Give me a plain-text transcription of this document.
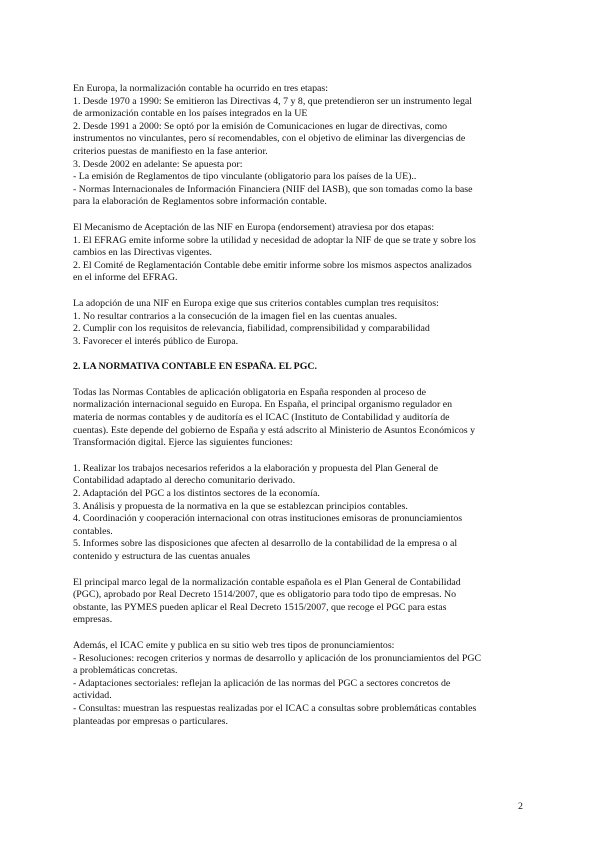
En Europa, la normalización contable ha ocurrido en tres etapas:
1. Desde 1970 a 1990: Se emitieron las Directivas 4, 7 y 8, que pretendieron ser un instrumento legal
de armonización contable en los países integrados en la UE
2. Desde 1991 a 2000: Se optó por la emisión de Comunicaciones en lugar de directivas, como
instrumentos no vinculantes, pero sí recomendables, con el objetivo de eliminar las divergencias de
criterios puestas de manifiesto en la fase anterior.
3. Desde 2002 en adelante: Se apuesta por:
- La emisión de Reglamentos de tipo vinculante (obligatorio para los países de la UE)..
- Normas Internacionales de Información Financiera (NIIF del IASB), que son tomadas como la base
para la elaboración de Reglamentos sobre información contable.
El Mecanismo de Aceptación de las NIF en Europa (endorsement) atraviesa por dos etapas:
1. El EFRAG emite informe sobre la utilidad y necesidad de adoptar la NIF de que se trate y sobre los
cambios en las Directivas vigentes.
2. El Comité de Reglamentación Contable debe emitir informe sobre los mismos aspectos analizados
en el informe del EFRAG.
La adopción de una NIF en Europa exige que sus criterios contables cumplan tres requisitos:
1. No resultar contrarios a la consecución de la imagen fiel en las cuentas anuales.
2. Cumplir con los requisitos de relevancia, fiabilidad, comprensibilidad y comparabilidad
3. Favorecer el interés público de Europa.
2. LA NORMATIVA CONTABLE EN ESPAÑA. EL PGC.
Todas las Normas Contables de aplicación obligatoria en España responden al proceso de
normalización internacional seguido en Europa. En España, el principal organismo regulador en
materia de normas contables y de auditoría es el ICAC (Instituto de Contabilidad y auditoría de
cuentas). Este depende del gobierno de España y está adscrito al Ministerio de Asuntos Económicos y
Transformación digital. Ejerce las siguientes funciones:
1. Realizar los trabajos necesarios referidos a la elaboración y propuesta del Plan General de
Contabilidad adaptado al derecho comunitario derivado.
2. Adaptación del PGC a los distintos sectores de la economía.
3. Análisis y propuesta de la normativa en la que se establezcan principios contables.
4. Coordinación y cooperación internacional con otras instituciones emisoras de pronunciamientos
contables.
5. Informes sobre las disposiciones que afecten al desarrollo de la contabilidad de la empresa o al
contenido y estructura de las cuentas anuales
El principal marco legal de la normalización contable española es el Plan General de Contabilidad
(PGC), aprobado por Real Decreto 1514/2007, que es obligatorio para todo tipo de empresas. No
obstante, las PYMES pueden aplicar el Real Decreto 1515/2007, que recoge el PGC para estas
empresas.
Además, el ICAC emite y publica en su sitio web tres tipos de pronunciamientos:
- Resoluciones: recogen criterios y normas de desarrollo y aplicación de los pronunciamientos del PGC
a problemáticas concretas.
- Adaptaciones sectoriales: reflejan la aplicación de las normas del PGC a sectores concretos de
actividad.
- Consultas: muestran las respuestas realizadas por el ICAC a consultas sobre problemáticas contables
planteadas por empresas o particulares.
2
